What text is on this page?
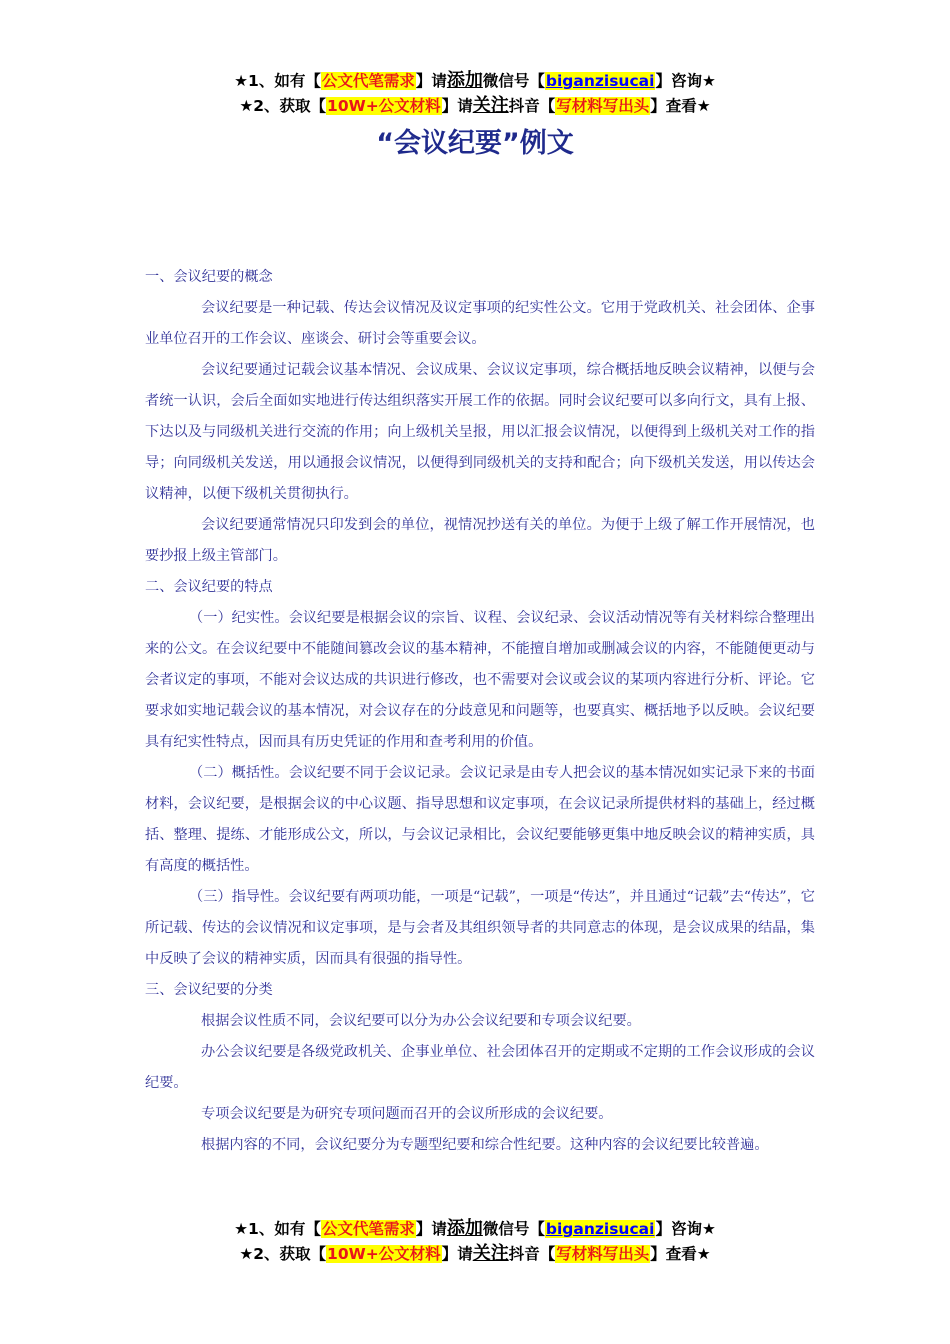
★1、如有【公文代笔需求】请添加微信号【biganzisucai】咨询★
★2、获取【10W+公文材料】请关注抖音【写材料写出头】查看★
“会议纪要”例文

一、会议纪要的概念

会议纪要是一种记载、传达会议情况及议定事项的纪实性公文。它用于党政机关、社会团体、企事业单位召开的工作会议、座谈会、研讨会等重要会议。

会议纪要通过记载会议基本情况、会议成果、会议议定事项，综合概括地反映会议精神，以便与会者统一认识，会后全面如实地进行传达组织落实开展工作的依据。同时会议纪要可以多向行文，具有上报、下达以及与同级机关进行交流的作用；向上级机关呈报，用以汇报会议情况，以便得到上级机关对工作的指导；向同级机关发送，用以通报会议情况，以便得到同级机关的支持和配合；向下级机关发送，用以传达会议精神，以便下级机关贯彻执行。

会议纪要通常情况只印发到会的单位，视情况抄送有关的单位。为便于上级了解工作开展情况，也要抄报上级主管部门。

二、会议纪要的特点

（一）纪实性。会议纪要是根据会议的宗旨、议程、会议纪录、会议活动情况等有关材料综合整理出来的公文。在会议纪要中不能随间篡改会议的基本精神，不能擅自增加或删减会议的内容，不能随便更动与会者议定的事项，不能对会议达成的共识进行修改，也不需要对会议或会议的某项内容进行分析、评论。它要求如实地记载会议的基本情况，对会议存在的分歧意见和问题等，也要真实、概括地予以反映。会议纪要具有纪实性特点，因而具有历史凭证的作用和查考利用的价值。

（二）概括性。会议纪要不同于会议记录。会议记录是由专人把会议的基本情况如实记录下来的书面材料，会议纪要，是根据会议的中心议题、指导思想和议定事项，在会议记录所提供材料的基础上，经过概括、整理、提练、才能形成公文，所以，与会议记录相比，会议纪要能够更集中地反映会议的精神实质，具有高度的概括性。

（三）指导性。会议纪要有两项功能，一项是“记载”，一项是“传达”，并且通过“记载”去“传达”，它所记载、传达的会议情况和议定事项，是与会者及其组织领导者的共同意志的体现，是会议成果的结晶，集中反映了会议的精神实质，因而具有很强的指导性。

三、会议纪要的分类

根据会议性质不同，会议纪要可以分为办公会议纪要和专项会议纪要。

办公会议纪要是各级党政机关、企事业单位、社会团体召开的定期或不定期的工作会议形成的会议纪要。

专项会议纪要是为研究专项问题而召开的会议所形成的会议纪要。

根据内容的不同，会议纪要分为专题型纪要和综合性纪要。这种内容的会议纪要比较普遍。

★1、如有【公文代笔需求】请添加微信号【biganzisucai】咨询★
★2、获取【10W+公文材料】请关注抖音【写材料写出头】查看★
